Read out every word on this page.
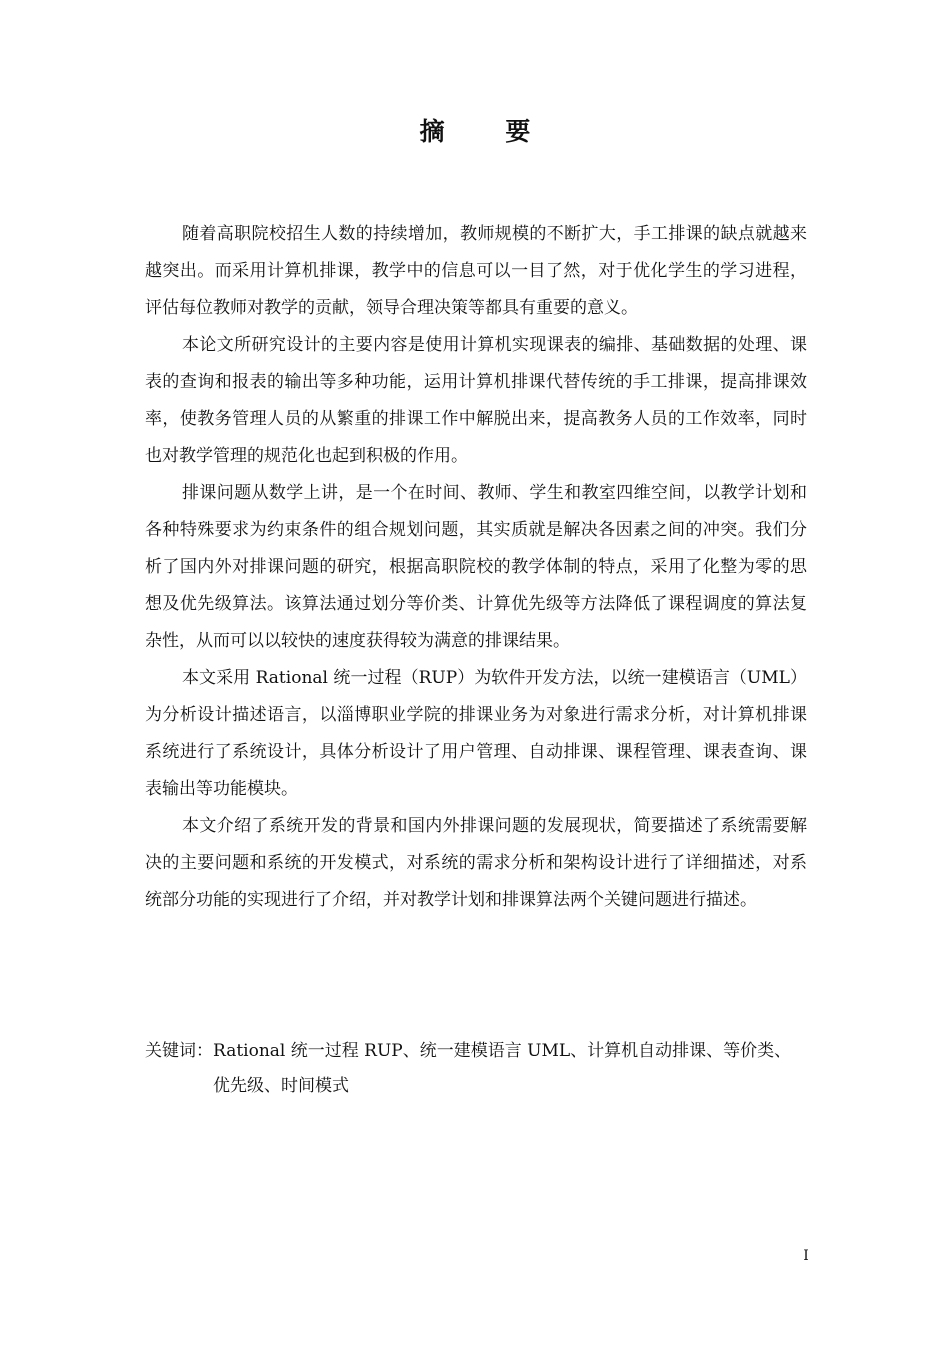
摘 要

随着高职院校招生人数的持续增加，教师规模的不断扩大，手工排课的缺点就越来越突出。而采用计算机排课，教学中的信息可以一目了然，对于优化学生的学习进程，评估每位教师对教学的贡献，领导合理决策等都具有重要的意义。

本论文所研究设计的主要内容是使用计算机实现课表的编排、基础数据的处理、课表的查询和报表的输出等多种功能，运用计算机排课代替传统的手工排课，提高排课效率，使教务管理人员的从繁重的排课工作中解脱出来，提高教务人员的工作效率，同时也对教学管理的规范化也起到积极的作用。

排课问题从数学上讲，是一个在时间、教师、学生和教室四维空间，以教学计划和各种特殊要求为约束条件的组合规划问题，其实质就是解决各因素之间的冲突。我们分析了国内外对排课问题的研究，根据高职院校的教学体制的特点，采用了化整为零的思想及优先级算法。该算法通过划分等价类、计算优先级等方法降低了课程调度的算法复杂性，从而可以以较快的速度获得较为满意的排课结果。

本文采用 Rational 统一过程（RUP）为软件开发方法，以统一建模语言（UML）为分析设计描述语言，以淄博职业学院的排课业务为对象进行需求分析，对计算机排课系统进行了系统设计，具体分析设计了用户管理、自动排课、课程管理、课表查询、课表输出等功能模块。

本文介绍了系统开发的背景和国内外排课问题的发展现状，简要描述了系统需要解决的主要问题和系统的开发模式，对系统的需求分析和架构设计进行了详细描述，对系统部分功能的实现进行了介绍，并对教学计划和排课算法两个关键问题进行描述。

关键词： Rational 统一过程 RUP、统一建模语言 UML、计算机自动排课、等价类、优先级、时间模式
I
